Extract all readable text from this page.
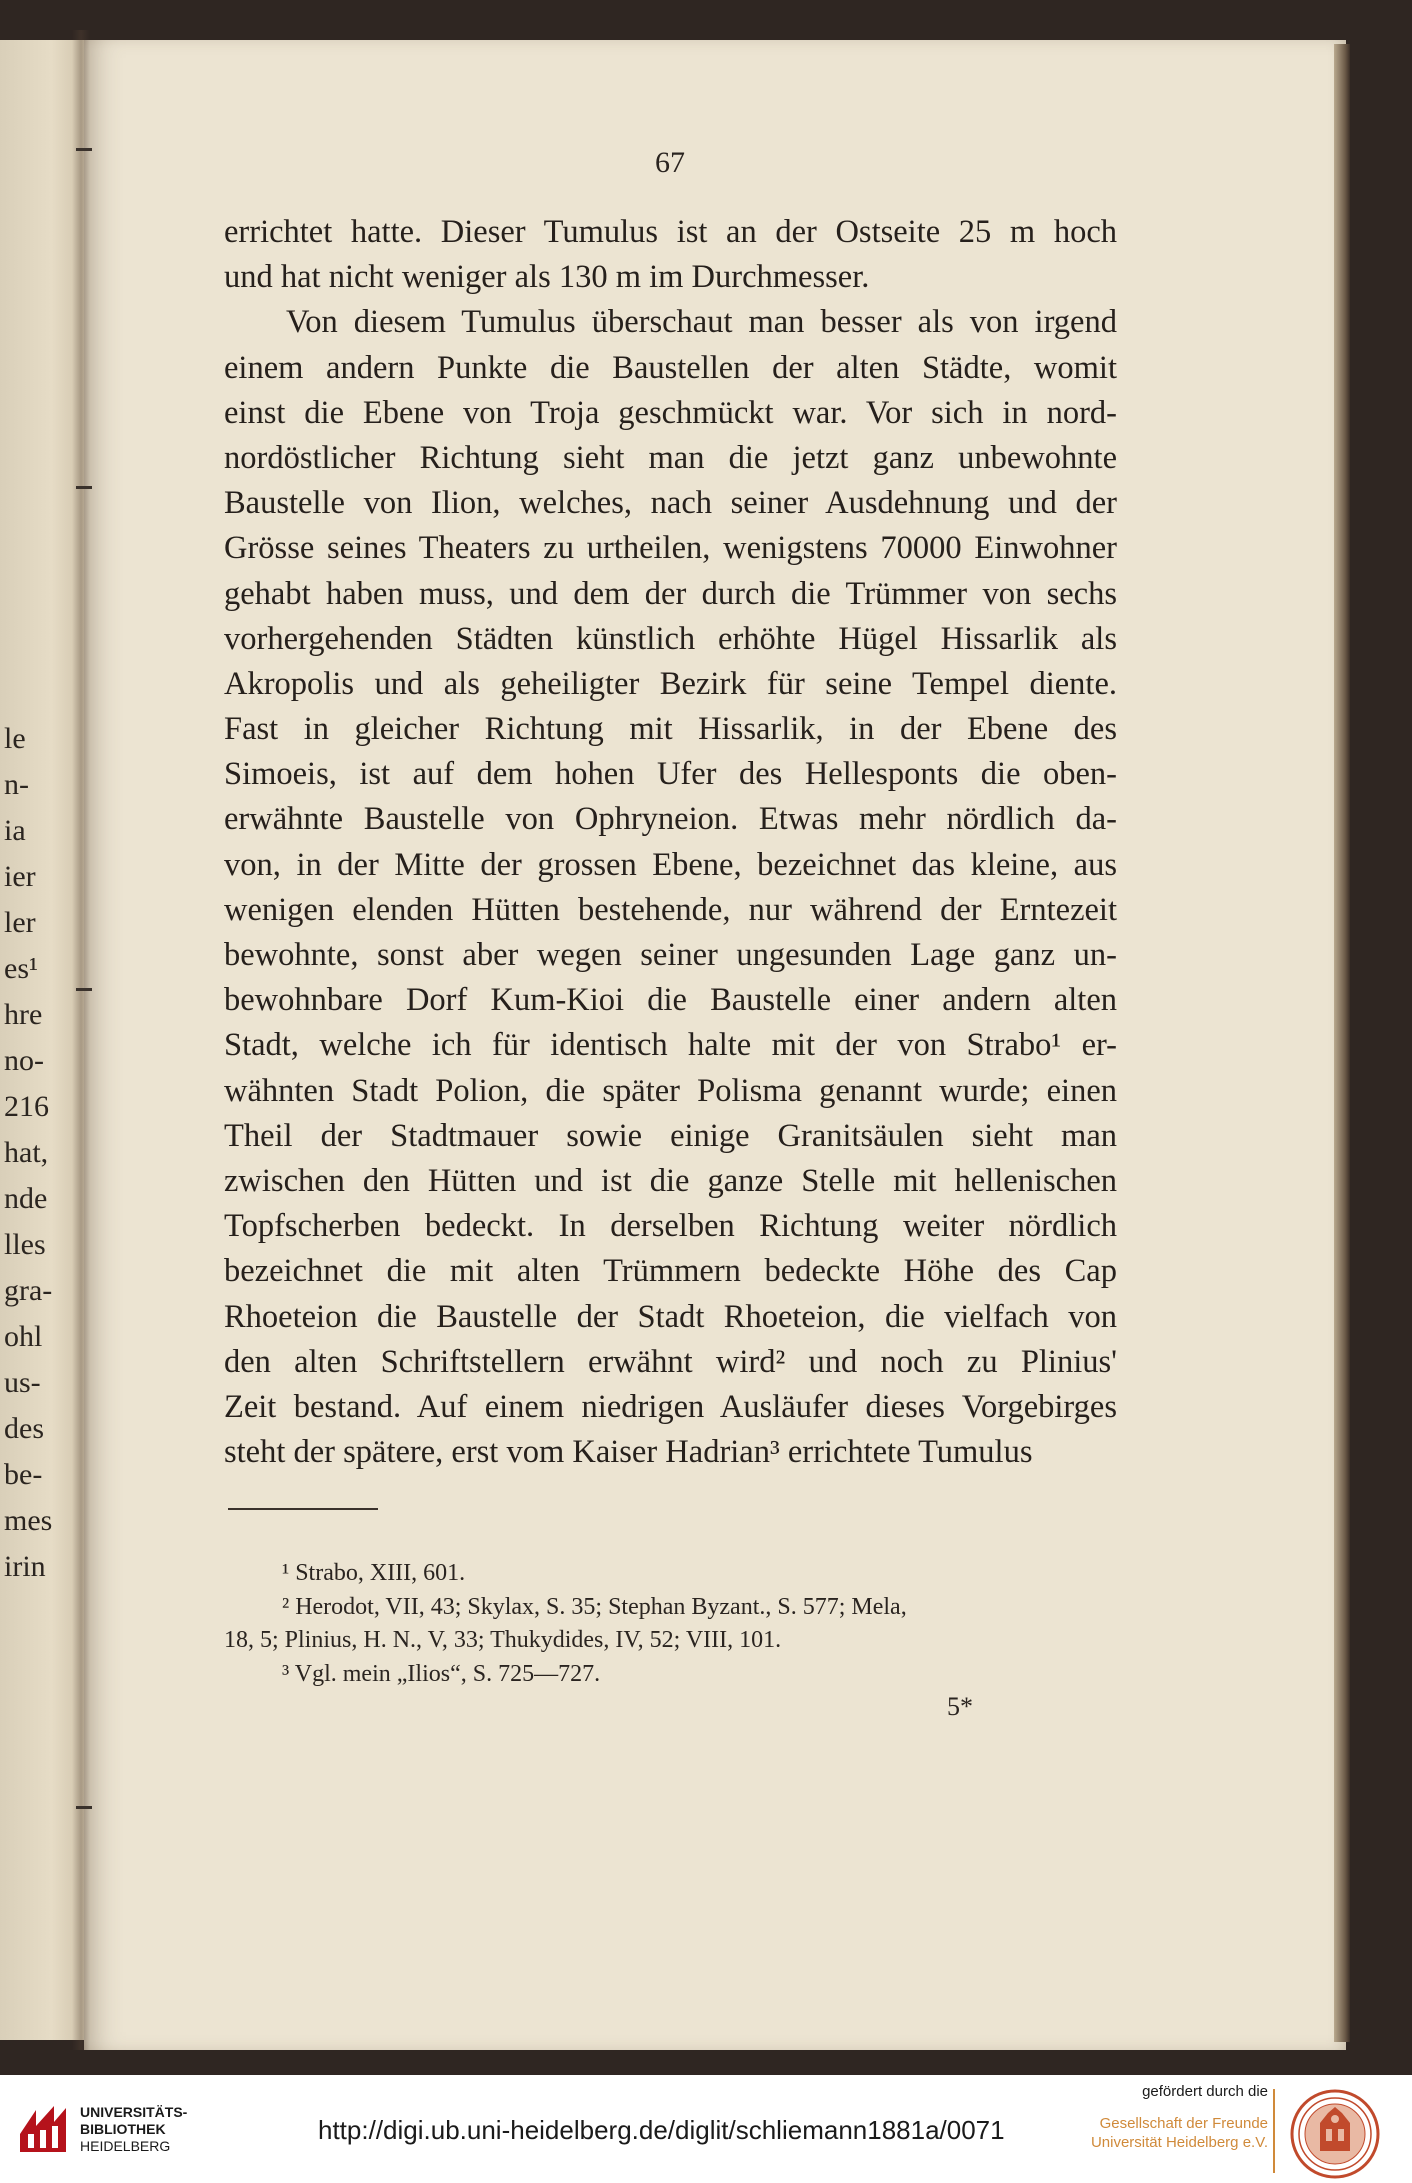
le
n-
ia
ier
ler
es¹
hre
no-
216
hat,
nde
lles
gra-
ohl
us-
des
be-
mes
irin
67
errichtet hatte. Dieser Tumulus ist an der Ostseite 25 m hoch
und hat nicht weniger als 130 m im Durchmesser.
Von diesem Tumulus überschaut man besser als von irgend
einem andern Punkte die Baustellen der alten Städte, womit
einst die Ebene von Troja geschmückt war. Vor sich in nord-
nordöstlicher Richtung sieht man die jetzt ganz unbewohnte
Baustelle von Ilion, welches, nach seiner Ausdehnung und der
Grösse seines Theaters zu urtheilen, wenigstens 70000 Einwohner
gehabt haben muss, und dem der durch die Trümmer von sechs
vorhergehenden Städten künstlich erhöhte Hügel Hissarlik als
Akropolis und als geheiligter Bezirk für seine Tempel diente.
Fast in gleicher Richtung mit Hissarlik, in der Ebene des
Simoeis, ist auf dem hohen Ufer des Hellesponts die oben-
erwähnte Baustelle von Ophryneion. Etwas mehr nördlich da-
von, in der Mitte der grossen Ebene, bezeichnet das kleine, aus
wenigen elenden Hütten bestehende, nur während der Erntezeit
bewohnte, sonst aber wegen seiner ungesunden Lage ganz un-
bewohnbare Dorf Kum-Kioi die Baustelle einer andern alten
Stadt, welche ich für identisch halte mit der von Strabo¹ er-
wähnten Stadt Polion, die später Polisma genannt wurde; einen
Theil der Stadtmauer sowie einige Granitsäulen sieht man
zwischen den Hütten und ist die ganze Stelle mit hellenischen
Topfscherben bedeckt. In derselben Richtung weiter nördlich
bezeichnet die mit alten Trümmern bedeckte Höhe des Cap
Rhoeteion die Baustelle der Stadt Rhoeteion, die vielfach von
den alten Schriftstellern erwähnt wird² und noch zu Plinius'
Zeit bestand. Auf einem niedrigen Ausläufer dieses Vorgebirges
steht der spätere, erst vom Kaiser Hadrian³ errichtete Tumulus
¹ Strabo, XIII, 601.
² Herodot, VII, 43; Skylax, S. 35; Stephan Byzant., S. 577; Mela,
18, 5; Plinius, H. N., V, 33; Thukydides, IV, 52; VIII, 101.
³ Vgl. mein „Ilios“, S. 725—727.
5*
UNIVERSITÄTS-
BIBLIOTHEK
HEIDELBERG
http://digi.ub.uni-heidelberg.de/diglit/schliemann1881a/0071
gefördert durch die
Gesellschaft der Freunde
Universität Heidelberg e.V.
